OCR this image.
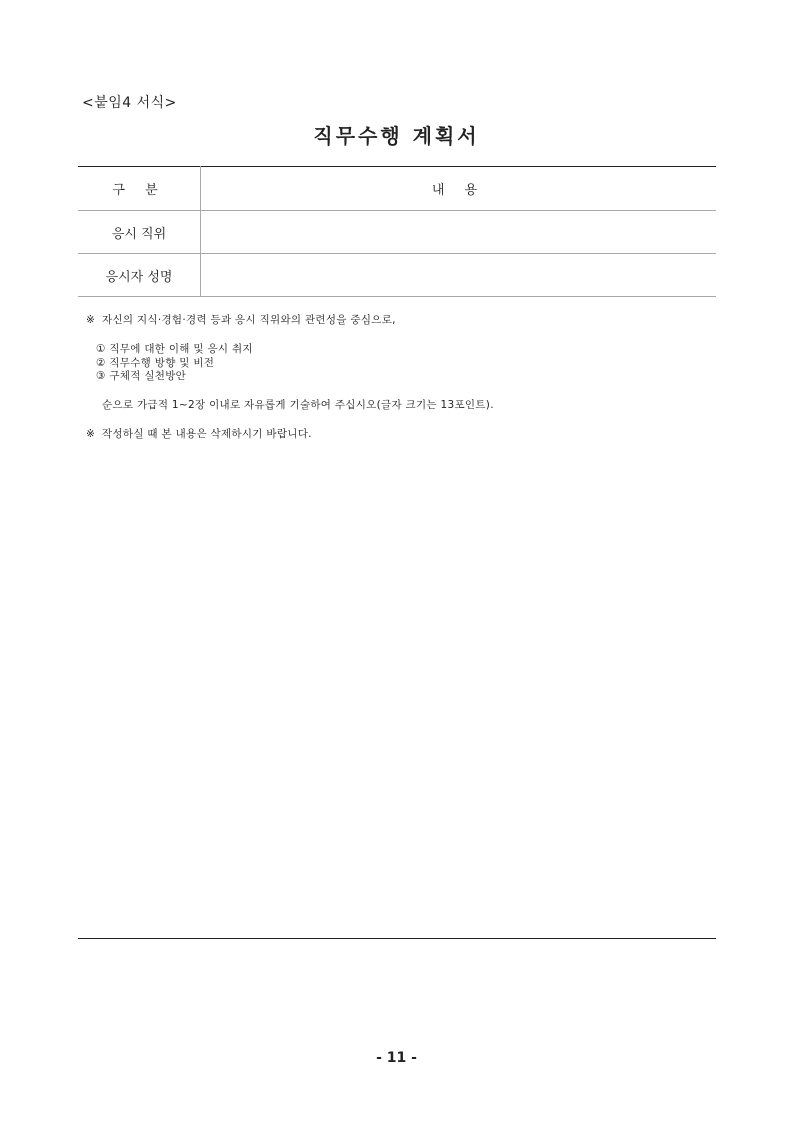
<붙임4 서식>
직무수행 계획서
구 분	내 용
응시 직위	
응시자 성명	
※ 자신의 지식·경험·경력 등과 응시 직위와의 관련성을 중심으로,
① 직무에 대한 이해 및 응시 취지
② 직무수행 방향 및 비전
③ 구체적 실천방안
순으로 가급적 1~2장 이내로 자유롭게 기술하여 주십시오(글자 크기는 13포인트).
※ 작성하실 때 본 내용은 삭제하시기 바랍니다.
- 11 -
